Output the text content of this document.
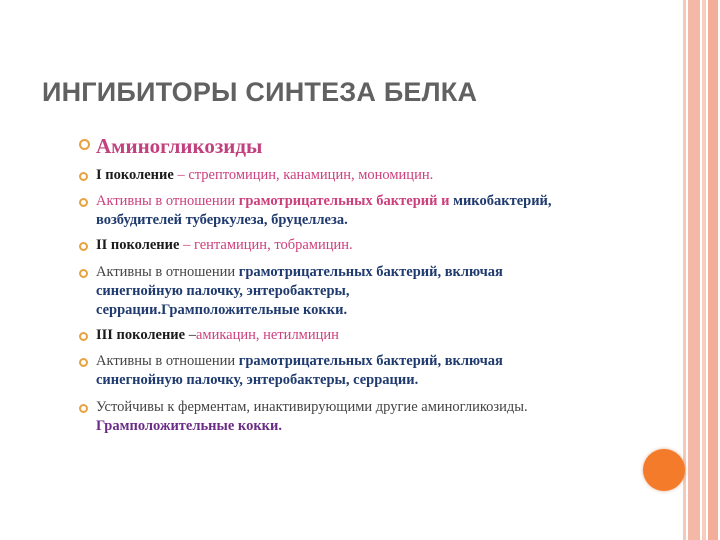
ИНГИБИТОРЫ СИНТЕЗА БЕЛКА
Аминогликозиды
I поколение – стрептомицин, канамицин, мономицин.
Активны в отношении грамотрицательных бактерий и микобактерий,
возбудителей туберкулеза, бруцеллеза.
II поколение – гентамицин, тобрамицин.
Активны в отношении грамотрицательных бактерий, включая
синегнойную палочку, энтеробактеры,
серрации.Грамположительные кокки.
III поколение –амикацин, нетилмицин
Активны в отношении грамотрицательных бактерий, включая
синегнойную палочку, энтеробактеры, серрации.
Устойчивы к ферментам, инактивирующими другие аминогликозиды.
Грамположительные кокки.
